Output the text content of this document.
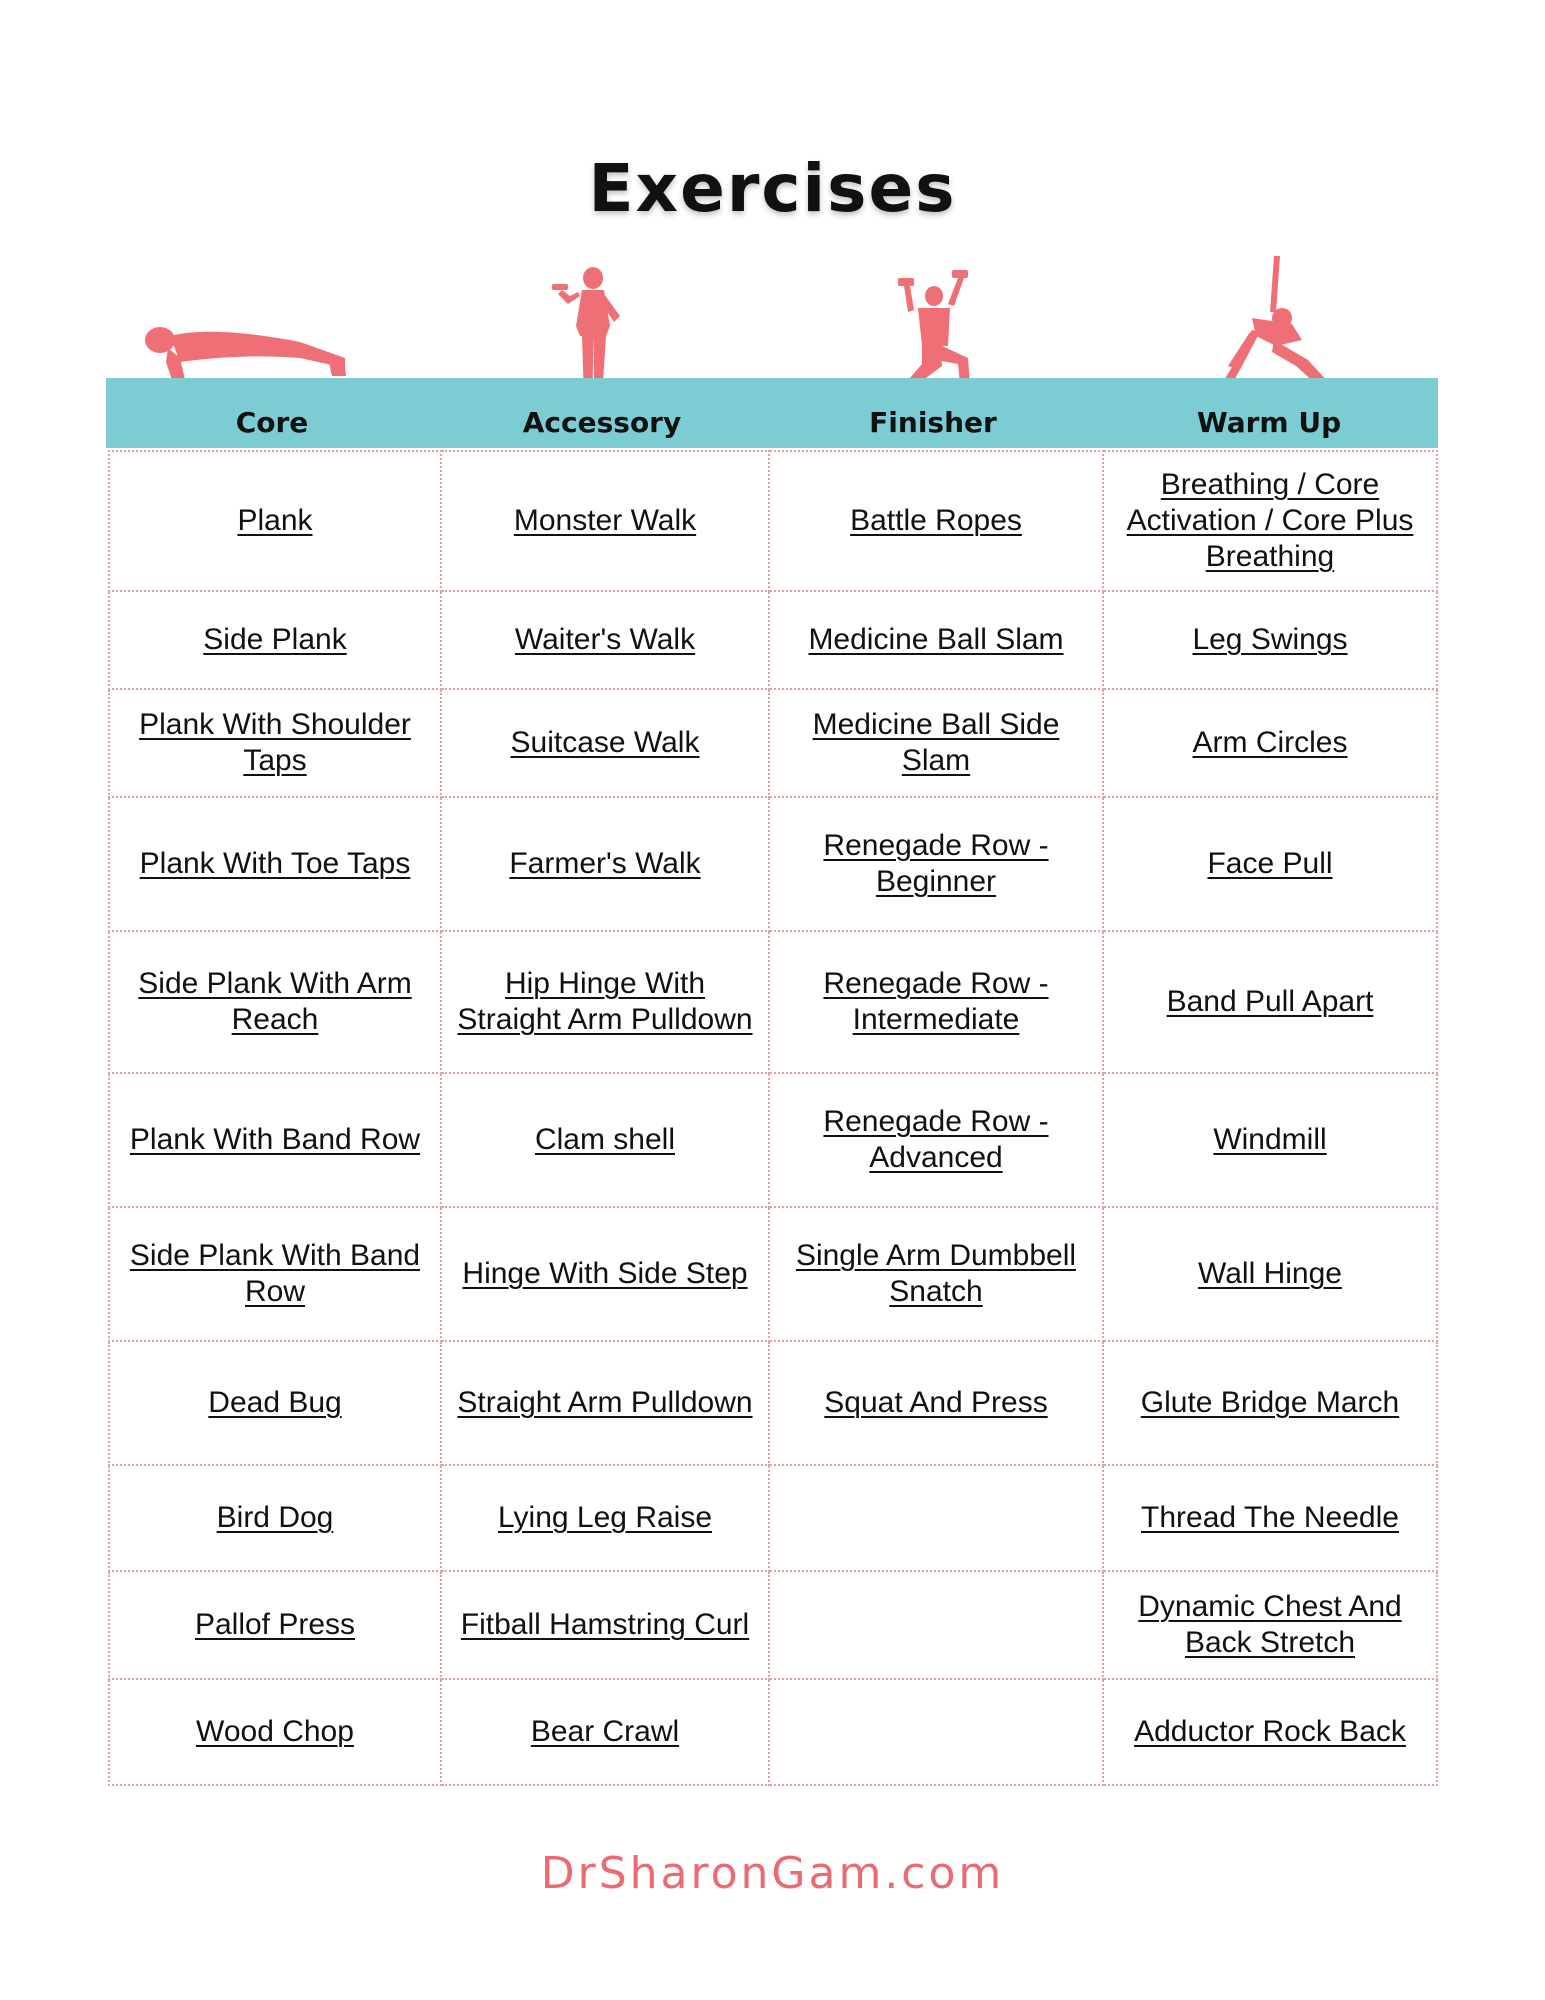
Exercises
Core	Accessory	Finisher	Warm Up
Plank	Monster Walk	Battle Ropes	Breathing / Core Activation / Core Plus Breathing
Side Plank	Waiter's Walk	Medicine Ball Slam	Leg Swings
Plank With Shoulder Taps	Suitcase Walk	Medicine Ball Side Slam	Arm Circles
Plank With Toe Taps	Farmer's Walk	Renegade Row - Beginner	Face Pull
Side Plank With Arm Reach	Hip Hinge With Straight Arm Pulldown	Renegade Row - Intermediate	Band Pull Apart
Plank With Band Row	Clam shell	Renegade Row - Advanced	Windmill
Side Plank With Band Row	Hinge With Side Step	Single Arm Dumbbell Snatch	Wall Hinge
Dead Bug	Straight Arm Pulldown	Squat And Press	Glute Bridge March
Bird Dog	Lying Leg Raise		Thread The Needle
Pallof Press	Fitball Hamstring Curl		Dynamic Chest And Back Stretch
Wood Chop	Bear Crawl		Adductor Rock Back
DrSharonGam.com
